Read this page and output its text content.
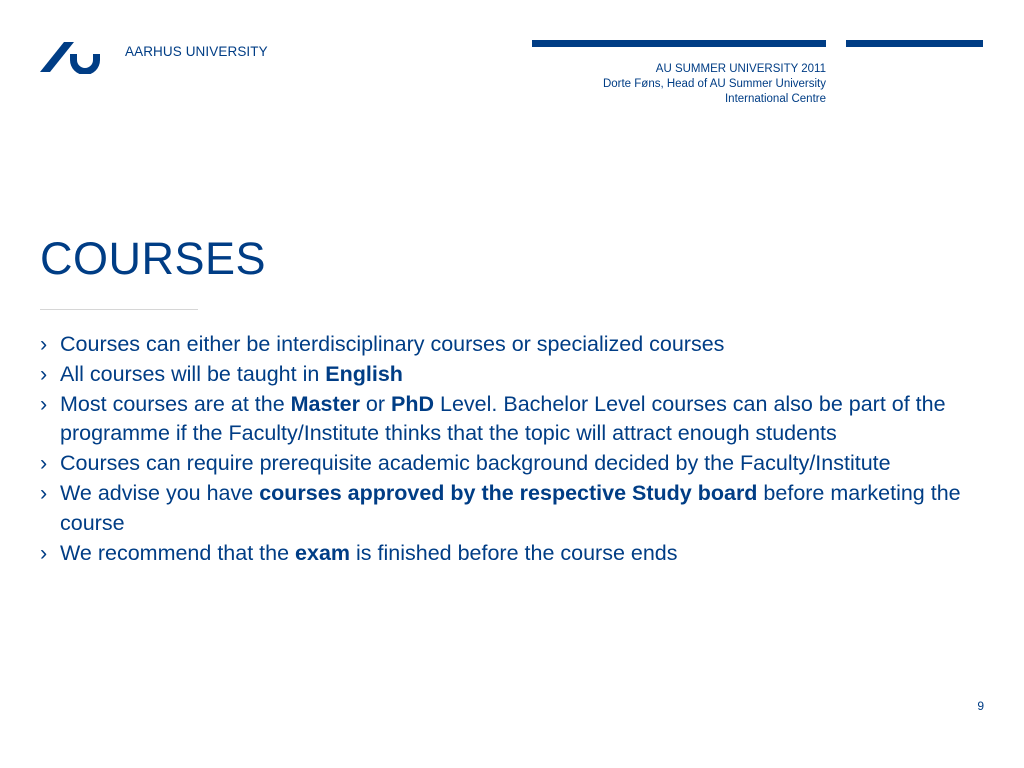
AARHUS UNIVERSITY
AU SUMMER UNIVERSITY 2011
Dorte Føns, Head of AU Summer University
International Centre
COURSES
› Courses can either be interdisciplinary courses or specialized courses
› All courses will be taught in English
› Most courses are at the Master or PhD Level. Bachelor Level courses can also be part of the programme if the Faculty/Institute thinks that the topic will attract enough students
› Courses can require prerequisite academic background decided by the Faculty/Institute
› We advise you have courses approved by the respective Study board before marketing the course
› We recommend that the exam is finished before the course ends
9
